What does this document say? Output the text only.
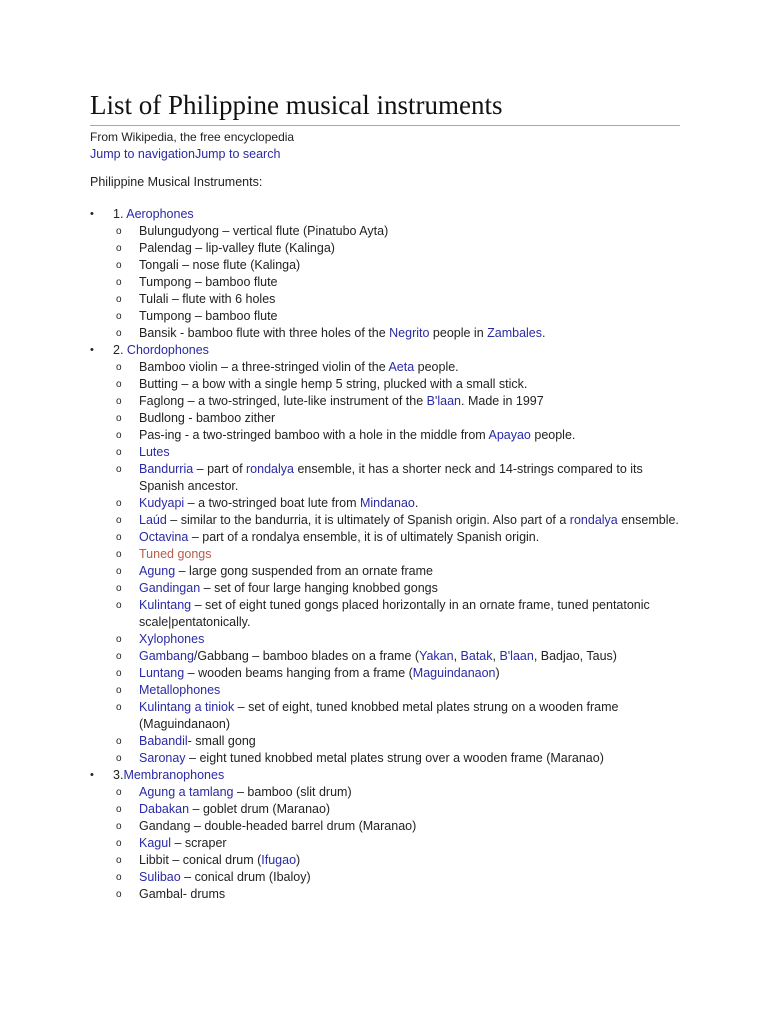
List of Philippine musical instruments
From Wikipedia, the free encyclopedia
Jump to navigationJump to search
Philippine Musical Instruments:
• 1. Aerophones
o Bulungudyong – vertical flute (Pinatubo Ayta)
o Palendag – lip-valley flute (Kalinga)
o Tongali – nose flute (Kalinga)
o Tumpong – bamboo flute
o Tulali – flute with 6 holes
o Tumpong – bamboo flute
o Bansik - bamboo flute with three holes of the Negrito people in Zambales.
• 2. Chordophones
o Bamboo violin – a three-stringed violin of the Aeta people.
o Butting – a bow with a single hemp 5 string, plucked with a small stick.
o Faglong – a two-stringed, lute-like instrument of the B'laan. Made in 1997
o Budlong - bamboo zither
o Pas-ing - a two-stringed bamboo with a hole in the middle from Apayao people.
o Lutes
o Bandurria – part of rondalya ensemble, it has a shorter neck and 14-strings compared to its Spanish ancestor.
o Kudyapi – a two-stringed boat lute from Mindanao.
o Laúd – similar to the bandurria, it is ultimately of Spanish origin. Also part of a rondalya ensemble.
o Octavina – part of a rondalya ensemble, it is of ultimately Spanish origin.
o Tuned gongs
o Agung – large gong suspended from an ornate frame
o Gandingan – set of four large hanging knobbed gongs
o Kulintang – set of eight tuned gongs placed horizontally in an ornate frame, tuned pentatonic scale|pentatonically.
o Xylophones
o Gambang/Gabbang – bamboo blades on a frame (Yakan, Batak, B'laan, Badjao, Taus)
o Luntang – wooden beams hanging from a frame (Maguindanaon)
o Metallophones
o Kulintang a tiniok – set of eight, tuned knobbed metal plates strung on a wooden frame (Maguindanaon)
o Babandil- small gong
o Saronay – eight tuned knobbed metal plates strung over a wooden frame (Maranao)
• 3.Membranophones
o Agung a tamlang – bamboo (slit drum)
o Dabakan – goblet drum (Maranao)
o Gandang – double-headed barrel drum (Maranao)
o Kagul – scraper
o Libbit – conical drum (Ifugao)
o Sulibao – conical drum (Ibaloy)
o Gambal- drums
